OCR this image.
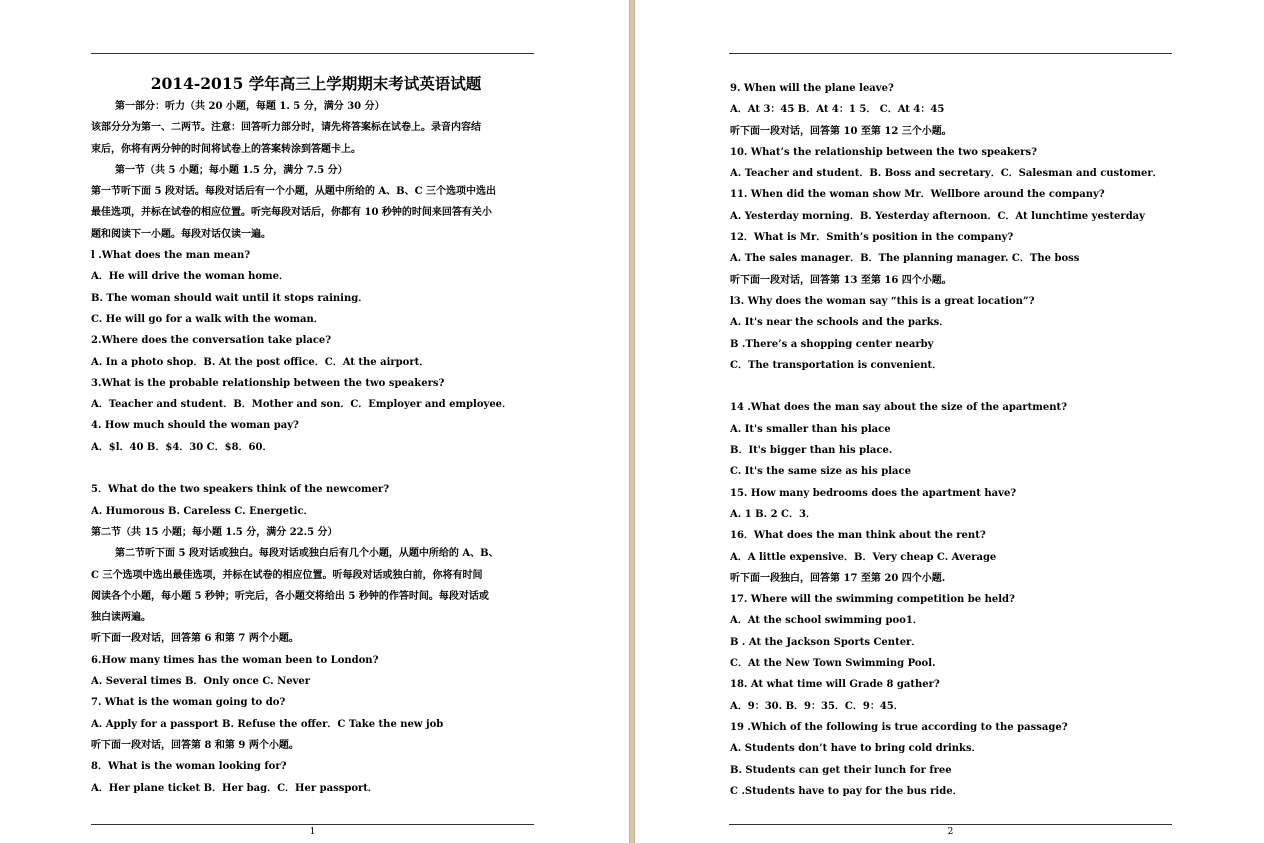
2014-2015 学年高三上学期期末考试英语试题
第一部分：听力（共 20 小题，每题 1. 5 分，满分 30 分）
该部分分为第一、二两节。注意：回答听力部分时，请先将答案标在试卷上。录音内容结
束后，你将有两分钟的时间将试卷上的答案转涂到答题卡上。
第一节（共 5 小题；每小题 1.5 分，满分 7.5 分）
第一节听下面 5 段对话。每段对话后有一个小题，从题中所给的 A、B、C 三个选项中选出
最佳选项，并标在试卷的相应位置。听完每段对话后，你都有 10 秒钟的时间来回答有关小
题和阅读下一小题。每段对话仅读一遍。
l .What does the man mean?
A．He will drive the woman home．
B. The woman should wait until it stops raining．
C. He will go for a walk with the woman．
2.Where does the conversation take place?
A. In a photo shop．B. At the post office．C．At the airport．
3.What is the probable relationship between the two speakers?
A．Teacher and student．B．Mother and son．C．Employer and employee．
4. How much should the woman pay?
A．$l．40 B．$4．30 C．$8．60．
5．What do the two speakers think of the newcomer?
A. Humorous B. Careless C. Energetic．
第二节（共 15 小题；每小题 1.5 分，满分 22.5 分）
第二节听下面 5 段对话或独白。每段对话或独白后有几个小题，从题中所给的 A、B、
C 三个选项中选出最佳选项，并标在试卷的相应位置。听每段对话或独白前，你将有时间
阅读各个小题，每小题 5 秒钟；听完后，各小题交将给出 5 秒钟的作答时间。每段对话或
独白读两遍。
听下面一段对话，回答第 6 和第 7 两个小题。
6.How many times has the woman been to London?
A. Several times B．Only once C. Never
7. What is the woman going to do?
A. Apply for a passport B. Refuse the offer．C Take the new job
听下面一段对话，回答第 8 和第 9 两个小题。
8．What is the woman looking for?
A．Her plane ticket B．Her bag．C．Her passport．
1
9. When will the plane leave?
A．At 3：45 B．At 4：1 5． C．At 4：45
听下面一段对话，回答第 10 至第 12 三个小题。
10. What’s the relationship between the two speakers?
A. Teacher and student．B. Boss and secretary．C．Salesman and customer．
11. When did the woman show Mr．Wellbore around the company?
A. Yesterday morning．B. Yesterday afternoon．C．At lunchtime yesterday
12．What is Mr．Smith’s position in the company?
A. The sales manager．B．The planning manager. C．The boss
听下面一段对话，回答第 13 至第 16 四个小题。
l3. Why does the woman say “this is a great location”?
A. It's near the schools and the parks．
B .There’s a shopping center nearby
C．The transportation is convenient．
14 .What does the man say about the size of the apartment?
A. It's smaller than his place
B．It's bigger than his place.
C. It's the same size as his place
15. How many bedrooms does the apartment have?
A. 1 B. 2 C．3．
16．What does the man think about the rent?
A．A little expensive．B．Very cheap C. Average
听下面一段独白，回答第 17 至第 20 四个小题.
17. Where will the swimming competition be held?
A．At the school swimming poo1．
B . At the Jackson Sports Center．
C．At the New Town Swimming Pool.
18. At what time will Grade 8 gather?
A．9：30. B．9：35．C．9：45．
19 .Which of the following is true according to the passage?
A. Students don’t have to bring cold drinks．
B. Students can get their lunch for free
C .Students have to pay for the bus ride．
2
